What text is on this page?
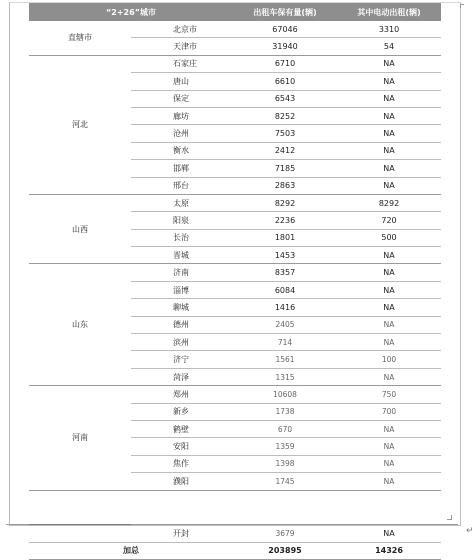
↵
“2+26”城市	出租车保有量(辆)	其中电动出租(辆)
直辖市
北京市	67046	3310
天津市	31940	54
河北
石家庄	6710	NA
唐山	6610	NA
保定	6543	NA
廊坊	8252	NA
沧州	7503	NA
衡水	2412	NA
邯郸	7185	NA
邢台	2863	NA
山西
太原	8292	8292
阳泉	2236	720
长治	1801	500
晋城	1453	NA
山东
济南	8357	NA
淄博	6084	NA
聊城	1416	NA
德州	2405	NA
滨州	714	NA
济宁	1561	100
菏泽	1315	NA
河南
郑州	10608	750
新乡	1738	700
鹤壁	670	NA
安阳	1359	NA
焦作	1398	NA
濮阳	1745	NA
开封	3679	NA
加总	203895	14326
